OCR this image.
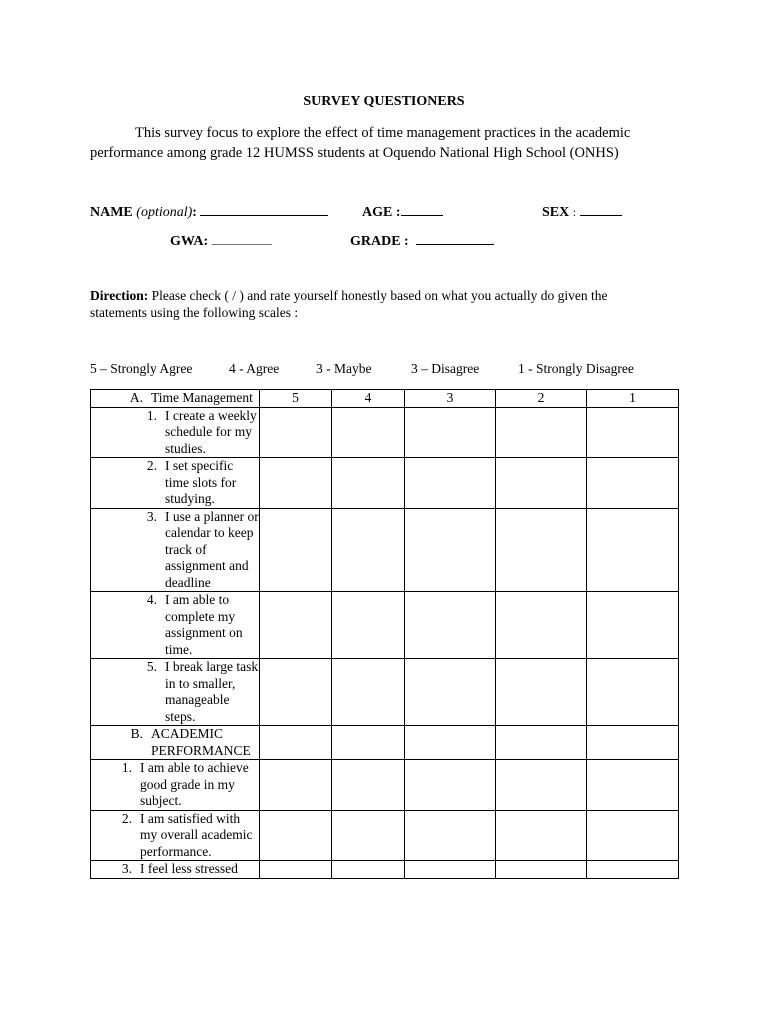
SURVEY QUESTIONERS
This survey focus to explore the effect of time management practices in the academic performance among grade 12 HUMSS students at Oquendo National High School (ONHS)
NAME (optional):	AGE :	SEX :
GWA:	GRADE :
Direction: Please check ( / ) and rate yourself honestly based on what you actually do given the statements using the following scales :
5 – Strongly Agree	4 - Agree	3 - Maybe	3 – Disagree	1 - Strongly Disagree
A. Time Management	5	4	3	2	1

1. I create a weekly schedule for my studies.					

2. I set specific time slots for studying.					

3. I use a planner or calendar to keep track of assignment and deadline					

4. I am able to complete my assignment on time.					

5. I break large task in to smaller, manageable steps.					

B. ACADEMIC PERFORMANCE					

1. I am able to achieve good grade in my subject.					

2. I am satisfied with my overall academic performance.					

3. I feel less stressed					
